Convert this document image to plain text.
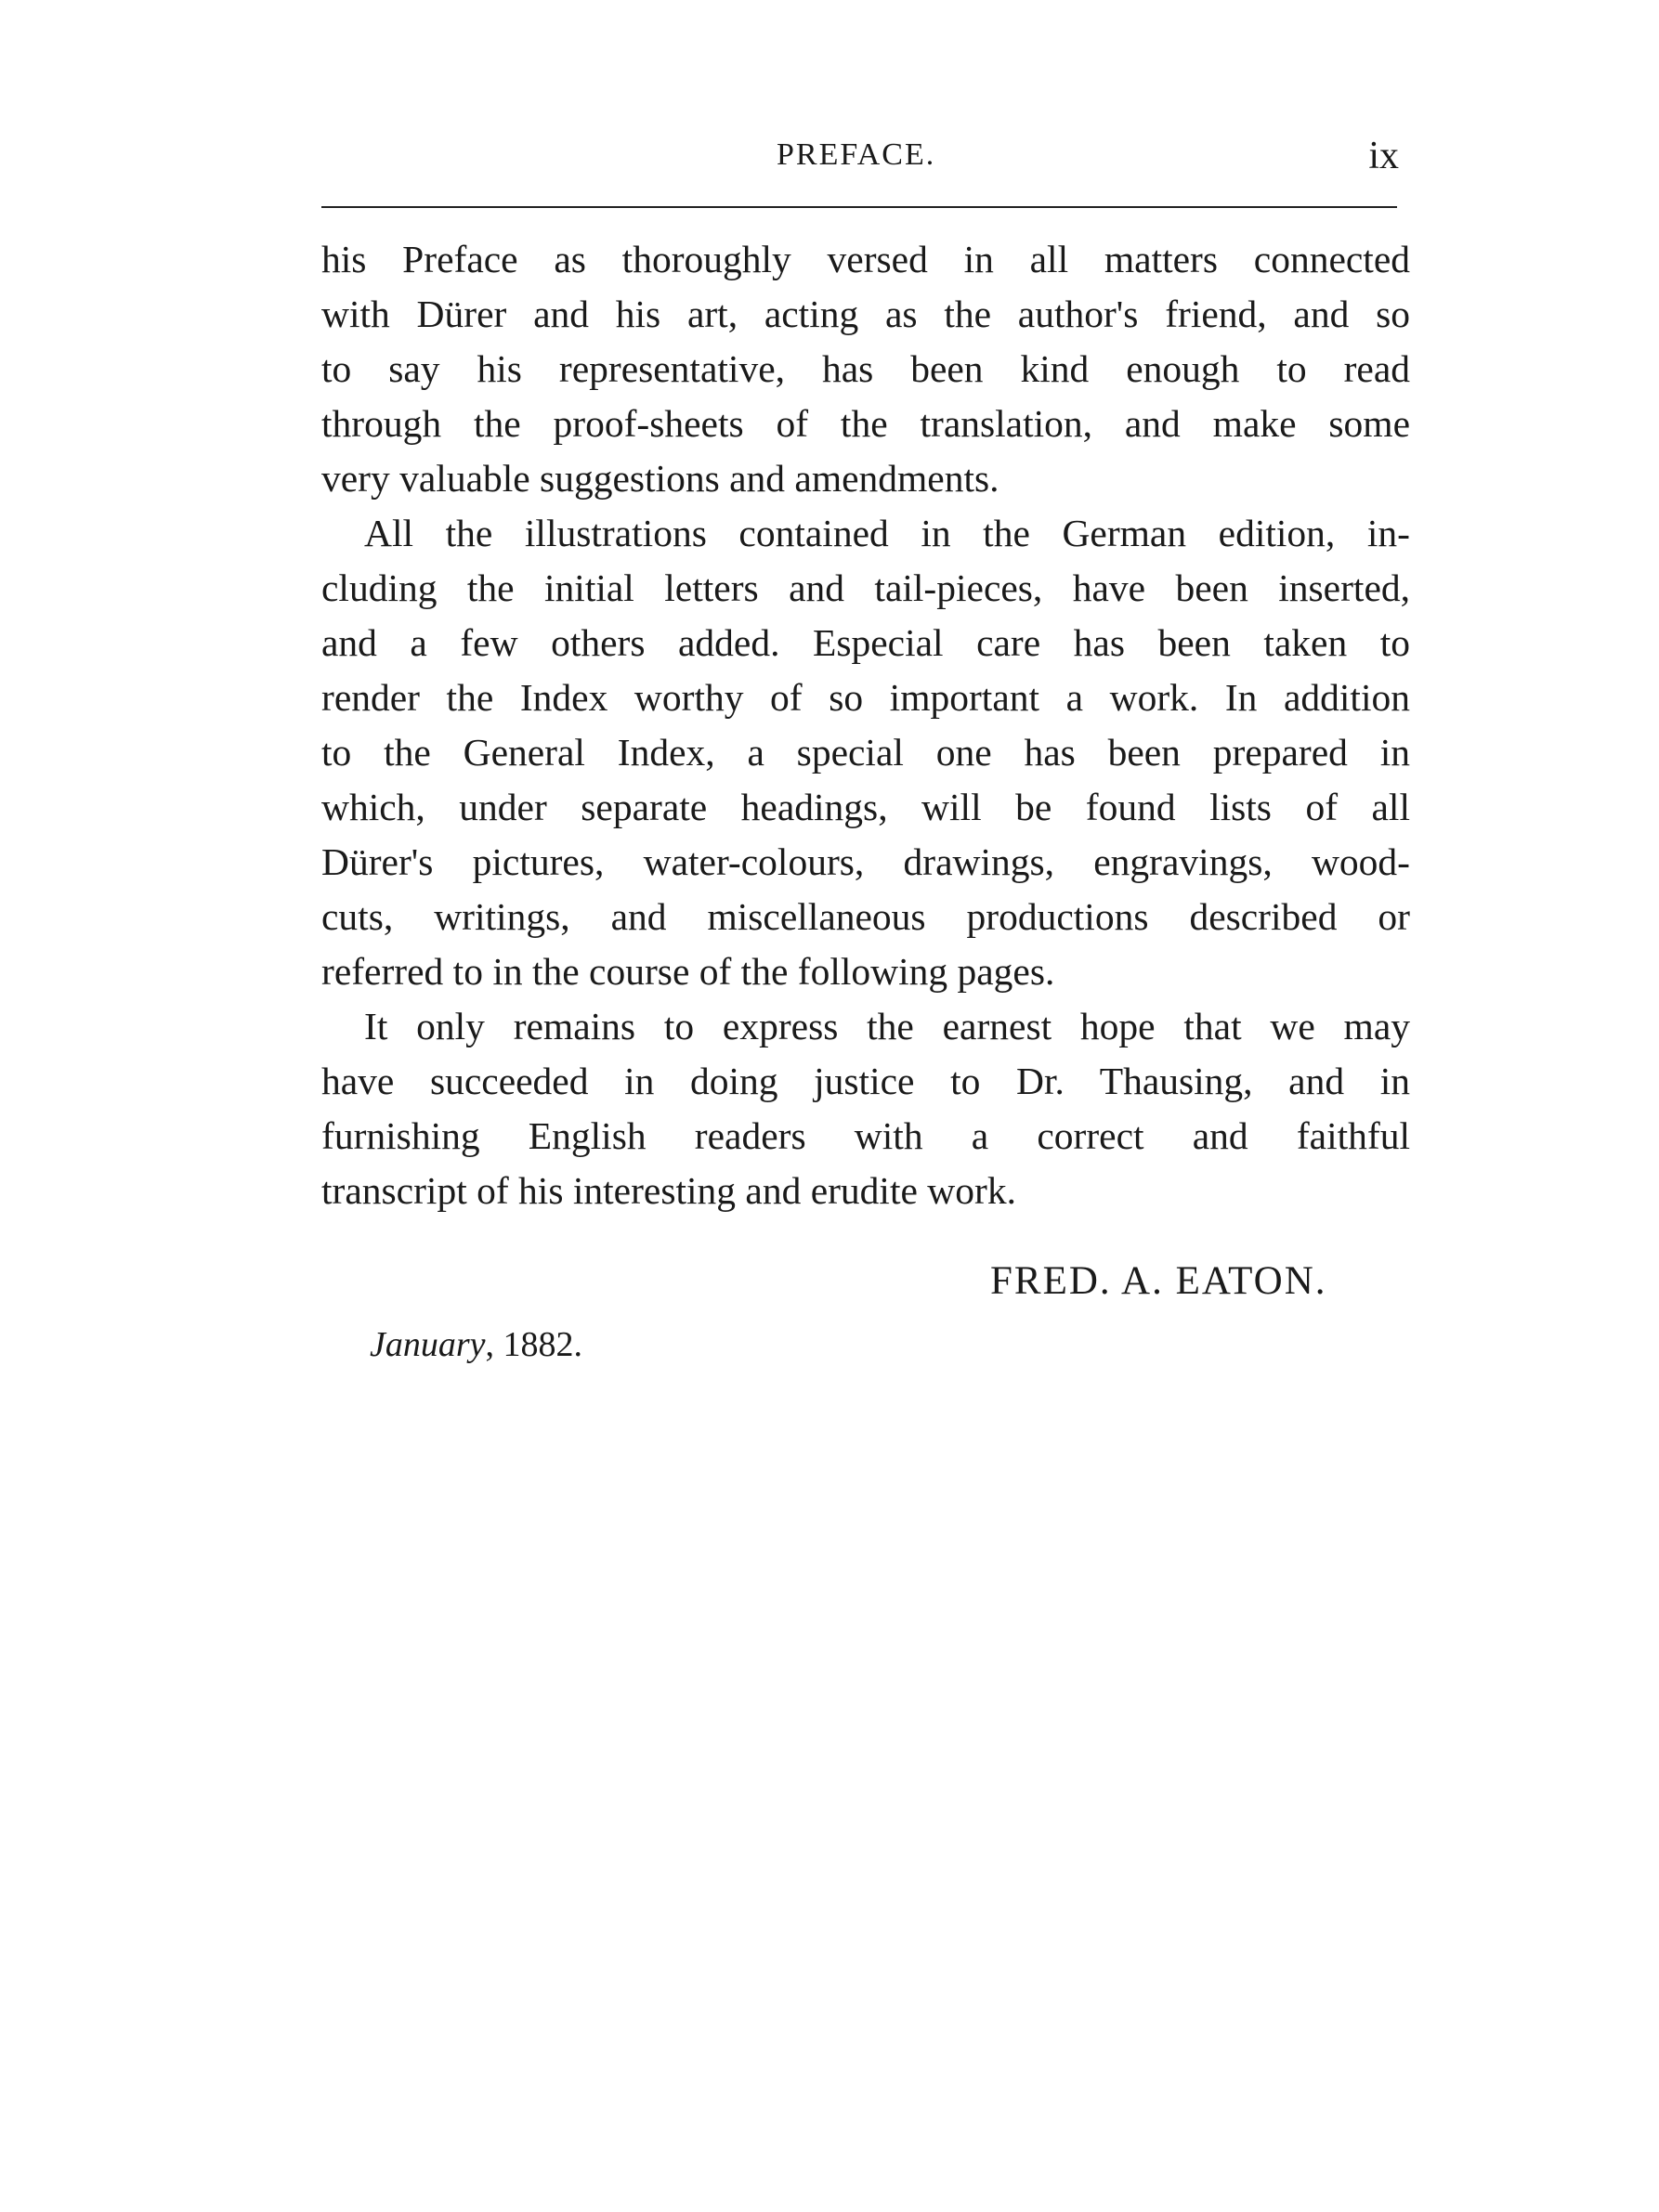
PREFACE.	ix
his Preface as thoroughly versed in all matters connected
with Dürer and his art, acting as the author's friend, and so
to say his representative, has been kind enough to read
through the proof-sheets of the translation, and make some
very valuable suggestions and amendments.
All the illustrations contained in the German edition, in-
cluding the initial letters and tail-pieces, have been inserted,
and a few others added. Especial care has been taken to
render the Index worthy of so important a work. In addition
to the General Index, a special one has been prepared in
which, under separate headings, will be found lists of all
Dürer's pictures, water-colours, drawings, engravings, wood-
cuts, writings, and miscellaneous productions described or
referred to in the course of the following pages.
It only remains to express the earnest hope that we may
have succeeded in doing justice to Dr. Thausing, and in
furnishing English readers with a correct and faithful
transcript of his interesting and erudite work.
FRED. A. EATON.
January, 1882.
